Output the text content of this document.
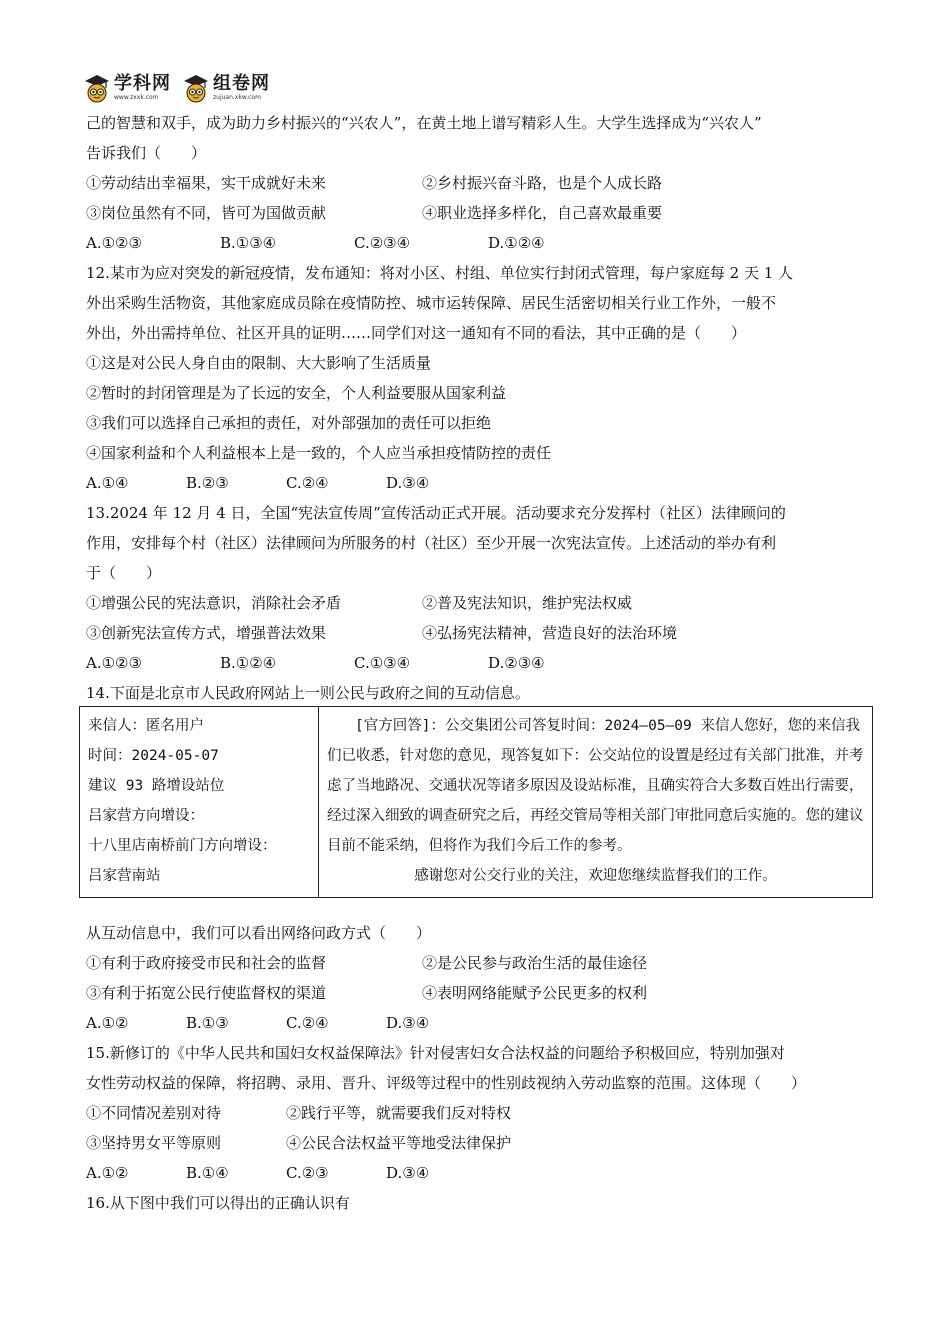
学科网
www.zxxk.com
组卷网
zujuan.xkw.com
己的智慧和双手，成为助力乡村振兴的“兴农人”，在黄土地上谱写精彩人生。大学生选择成为“兴农人”
告诉我们（　　）
①劳动结出幸福果，实干成就好未来	②乡村振兴奋斗路，也是个人成长路
③岗位虽然有不同，皆可为国做贡献	④职业选择多样化，自己喜欢最重要
A.①②③	B.①③④	C.②③④	D.①②④
12.某市为应对突发的新冠疫情，发布通知：将对小区、村组、单位实行封闭式管理，每户家庭每 2 天 1 人
外出采购生活物资，其他家庭成员除在疫情防控、城市运转保障、居民生活密切相关行业工作外，一般不
外出，外出需持单位、社区开具的证明……同学们对这一通知有不同的看法，其中正确的是（　　）
①这是对公民人身自由的限制、大大影响了生活质量
②暂时的封闭管理是为了长远的安全，个人利益要服从国家利益
③我们可以选择自己承担的责任，对外部强加的责任可以拒绝
④国家利益和个人利益根本上是一致的，个人应当承担疫情防控的责任
A.①④	B.②③	C.②④	D.③④
13.2024 年 12 月 4 日，全国“宪法宣传周”宣传活动正式开展。活动要求充分发挥村（社区）法律顾问的
作用，安排每个村（社区）法律顾问为所服务的村（社区）至少开展一次宪法宣传。上述活动的举办有利
于（　　）
①增强公民的宪法意识，消除社会矛盾	②普及宪法知识，维护宪法权威
③创新宪法宣传方式，增强普法效果	④弘扬宪法精神，营造良好的法治环境
A.①②③	B.①②④	C.①③④	D.②③④
14.下面是北京市人民政府网站上一则公民与政府之间的互动信息。
来信人：匿名用户
时间：2024-05-07
建议 93 路增设站位
吕家营方向增设：
十八里店南桥前门方向增设：
吕家营南站

[官方回答]：公交集团公司答复时间：2024—05—09 来信人您好，您的来信我们已收悉，针对您的意见，现答复如下：公交站位的设置是经过有关部门批准，并考虑了当地路况、交通状况等诸多原因及设站标准，且确实符合大多数百姓出行需要，经过深入细致的调查研究之后，再经交管局等相关部门审批同意后实施的。您的建议目前不能采纳，但将作为我们今后工作的参考。
感谢您对公交行业的关注，欢迎您继续监督我们的工作。
从互动信息中，我们可以看出网络问政方式（　　）
①有利于政府接受市民和社会的监督	②是公民参与政治生活的最佳途径
③有利于拓宽公民行使监督权的渠道	④表明网络能赋予公民更多的权利
A.①②	B.①③	C.②④	D.③④
15.新修订的《中华人民共和国妇女权益保障法》针对侵害妇女合法权益的问题给予积极回应，特别加强对
女性劳动权益的保障，将招聘、录用、晋升、评级等过程中的性别歧视纳入劳动监察的范围。这体现（　　）
①不同情况差别对待	②践行平等，就需要我们反对特权
③坚持男女平等原则	④公民合法权益平等地受法律保护
A.①②	B.①④	C.②③	D.③④
16.从下图中我们可以得出的正确认识有
